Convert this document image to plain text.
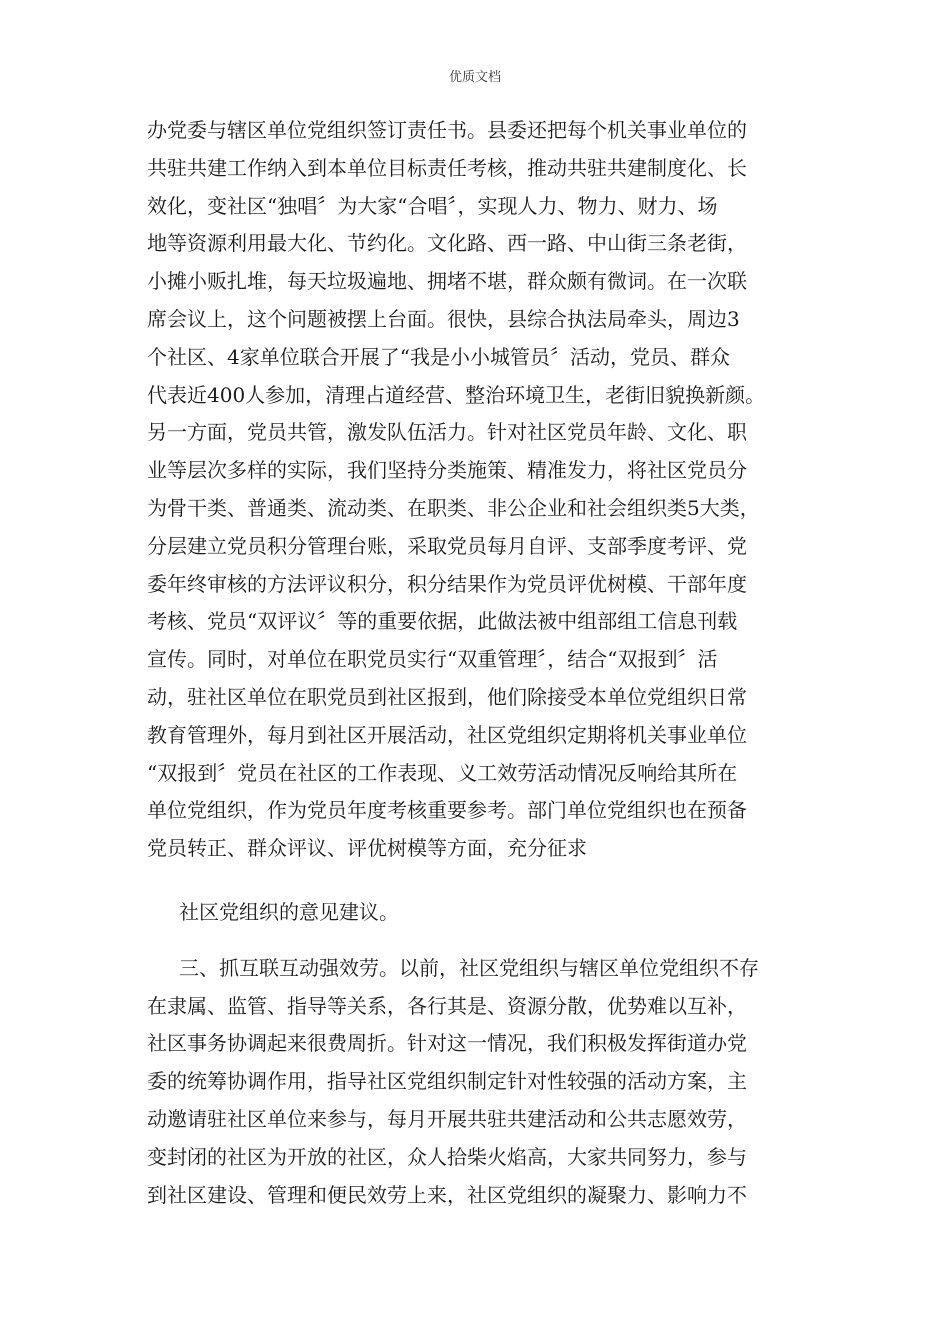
优质文档

办党委与辖区单位党组织签订责任书。县委还把每个机关事业单位的
共驻共建工作纳入到本单位目标责任考核，推动共驻共建制度化、长
效化，变社区“独唱〞为大家“合唱〞，实现人力、物力、财力、场
地等资源利用最大化、节约化。文化路、西一路、中山街三条老街，
小摊小贩扎堆，每天垃圾遍地、拥堵不堪，群众颇有微词。在一次联
席会议上，这个问题被摆上台面。很快，县综合执法局牵头，周边3
个社区、4家单位联合开展了“我是小小城管员〞活动，党员、群众
代表近400人参加，清理占道经营、整治环境卫生，老街旧貌换新颜。
另一方面，党员共管，激发队伍活力。针对社区党员年龄、文化、职
业等层次多样的实际，我们坚持分类施策、精准发力，将社区党员分
为骨干类、普通类、流动类、在职类、非公企业和社会组织类5大类，
分层建立党员积分管理台账，采取党员每月自评、支部季度考评、党
委年终审核的方法评议积分，积分结果作为党员评优树模、干部年度
考核、党员“双评议〞等的重要依据，此做法被中组部组工信息刊载
宣传。同时，对单位在职党员实行“双重管理〞，结合“双报到〞活
动，驻社区单位在职党员到社区报到，他们除接受本单位党组织日常
教育管理外，每月到社区开展活动，社区党组织定期将机关事业单位
“双报到〞党员在社区的工作表现、义工效劳活动情况反响给其所在
单位党组织，作为党员年度考核重要参考。部门单位党组织也在预备
党员转正、群众评议、评优树模等方面，充分征求

社区党组织的意见建议。

三、抓互联互动强效劳。以前，社区党组织与辖区单位党组织不存
在隶属、监管、指导等关系，各行其是、资源分散，优势难以互补，
社区事务协调起来很费周折。针对这一情况，我们积极发挥街道办党
委的统筹协调作用，指导社区党组织制定针对性较强的活动方案，主
动邀请驻社区单位来参与，每月开展共驻共建活动和公共志愿效劳，
变封闭的社区为开放的社区，众人拾柴火焰高，大家共同努力，参与
到社区建设、管理和便民效劳上来，社区党组织的凝聚力、影响力不
